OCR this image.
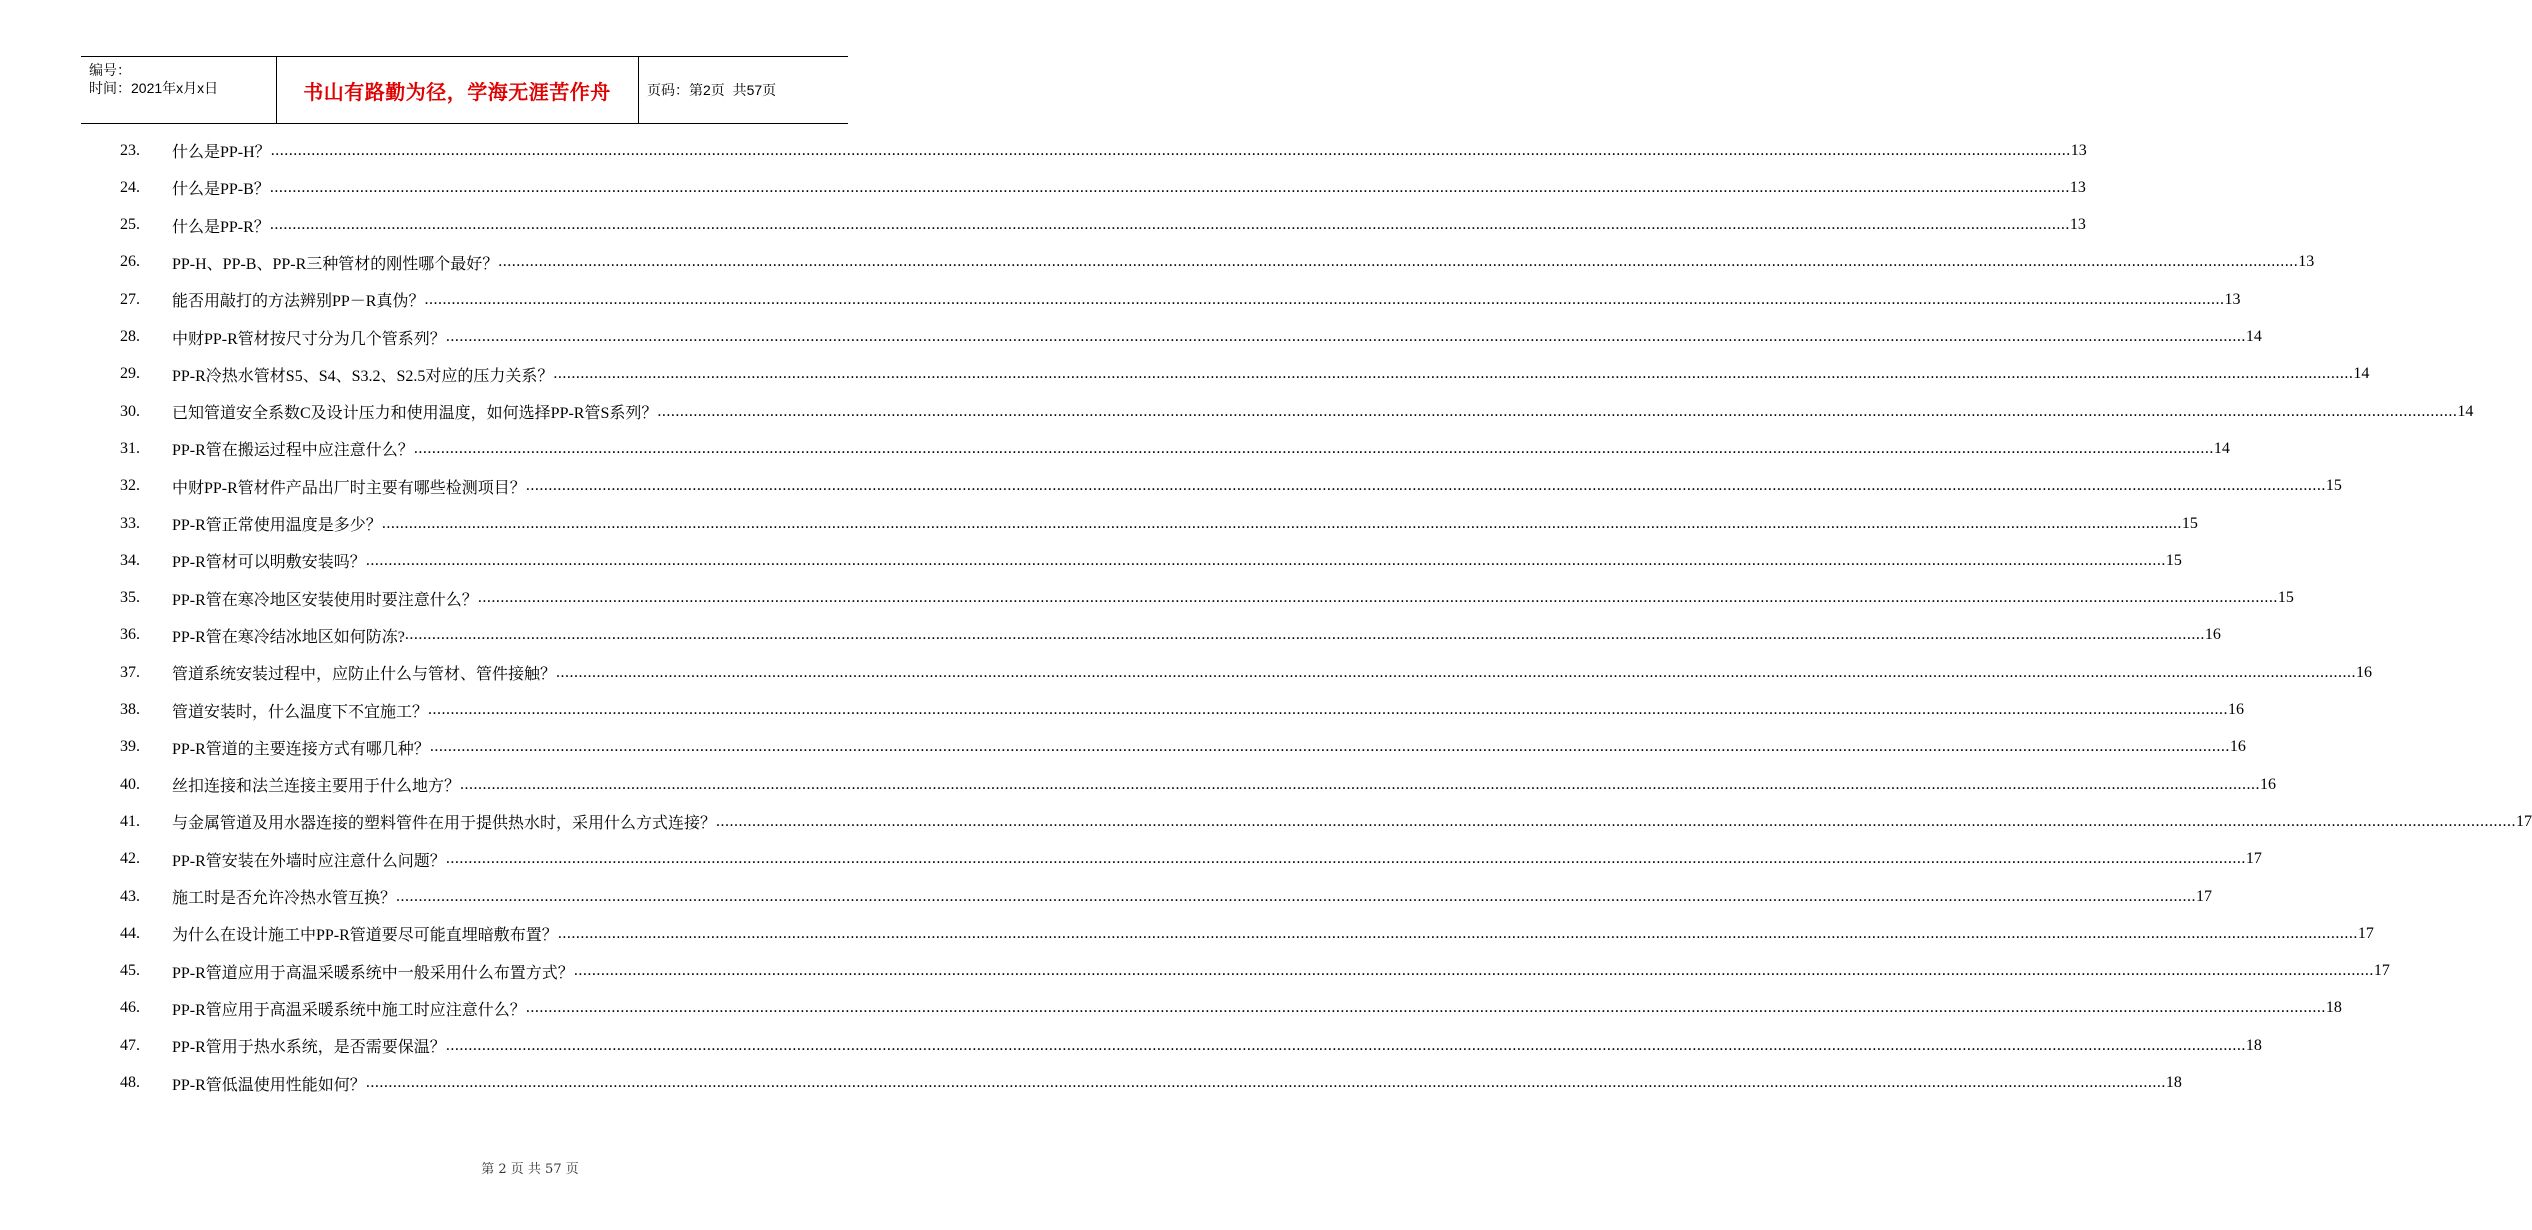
编号：
时间：2021年x月x日	书山有路勤为径，学海无涯苦作舟	页码：第2页  共57页
23.	什么是PP-H？ ................................................................................................................................................................................................................................................................................................................................................................................................................ 13
24.	什么是PP-B？ ................................................................................................................................................................................................................................................................................................................................................................................................................ 13
25.	什么是PP-R？ ................................................................................................................................................................................................................................................................................................................................................................................................................ 13
26.	PP-H、PP-B、PP-R三种管材的刚性哪个最好？ ................................................................................................................................................................................................................................................................................................................................................................................................................ 13
27.	能否用敲打的方法辨别PP－R真伪？ ................................................................................................................................................................................................................................................................................................................................................................................................................ 13
28.	中财PP-R管材按尺寸分为几个管系列？ ................................................................................................................................................................................................................................................................................................................................................................................................................ 14
29.	PP-R冷热水管材S5、S4、S3.2、S2.5对应的压力关系？ ................................................................................................................................................................................................................................................................................................................................................................................................................ 14
30.	已知管道安全系数C及设计压力和使用温度，如何选择PP-R管S系列？ ................................................................................................................................................................................................................................................................................................................................................................................................................ 14
31.	PP-R管在搬运过程中应注意什么？ ................................................................................................................................................................................................................................................................................................................................................................................................................ 14
32.	中财PP-R管材件产品出厂时主要有哪些检测项目？ ................................................................................................................................................................................................................................................................................................................................................................................................................ 15
33.	PP-R管正常使用温度是多少？ ................................................................................................................................................................................................................................................................................................................................................................................................................ 15
34.	PP-R管材可以明敷安装吗？ ................................................................................................................................................................................................................................................................................................................................................................................................................ 15
35.	PP-R管在寒冷地区安装使用时要注意什么？ ................................................................................................................................................................................................................................................................................................................................................................................................................ 15
36.	PP-R管在寒冷结冰地区如何防冻? ................................................................................................................................................................................................................................................................................................................................................................................................................ 16
37.	管道系统安装过程中，应防止什么与管材、管件接触？ ................................................................................................................................................................................................................................................................................................................................................................................................................ 16
38.	管道安装时，什么温度下不宜施工？ ................................................................................................................................................................................................................................................................................................................................................................................................................ 16
39.	PP-R管道的主要连接方式有哪几种？ ................................................................................................................................................................................................................................................................................................................................................................................................................ 16
40.	丝扣连接和法兰连接主要用于什么地方？ ................................................................................................................................................................................................................................................................................................................................................................................................................ 16
41.	与金属管道及用水器连接的塑料管件在用于提供热水时，采用什么方式连接？ ................................................................................................................................................................................................................................................................................................................................................................................................................ 17
42.	PP-R管安装在外墙时应注意什么问题？ ................................................................................................................................................................................................................................................................................................................................................................................................................ 17
43.	施工时是否允许冷热水管互换？ ................................................................................................................................................................................................................................................................................................................................................................................................................ 17
44.	为什么在设计施工中PP-R管道要尽可能直埋暗敷布置？ ................................................................................................................................................................................................................................................................................................................................................................................................................ 17
45.	PP-R管道应用于高温采暖系统中一般采用什么布置方式？ ................................................................................................................................................................................................................................................................................................................................................................................................................ 17
46.	PP-R管应用于高温采暖系统中施工时应注意什么？ ................................................................................................................................................................................................................................................................................................................................................................................................................ 18
47.	PP-R管用于热水系统，是否需要保温？ ................................................................................................................................................................................................................................................................................................................................................................................................................ 18
48.	PP-R管低温使用性能如何？ ................................................................................................................................................................................................................................................................................................................................................................................................................ 18
第 2 页 共 57 页
